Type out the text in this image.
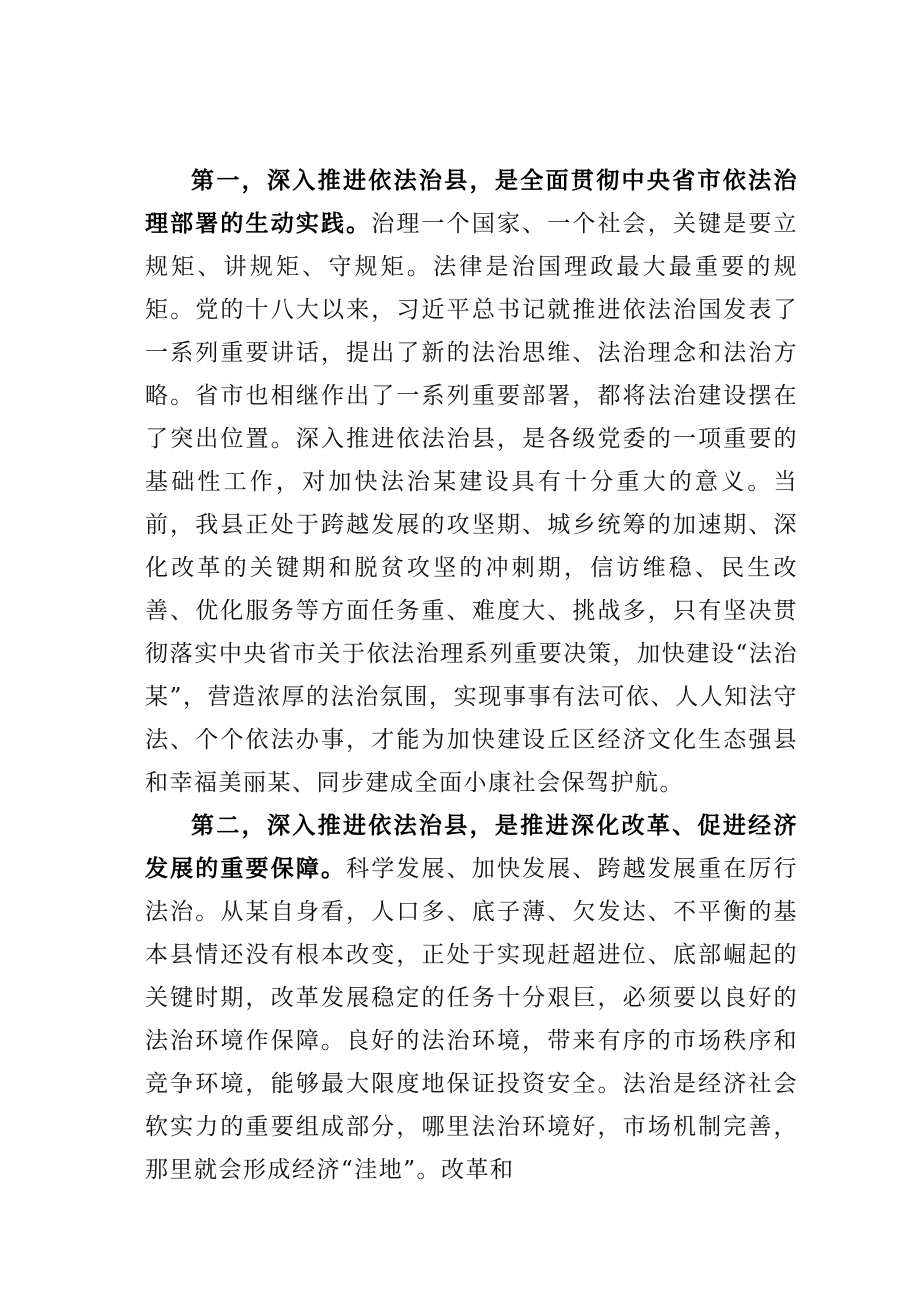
第一，深入推进依法治县，是全面贯彻中央省市依法治理部署的生动实践。治理一个国家、一个社会，关键是要立规矩、讲规矩、守规矩。法律是治国理政最大最重要的规矩。党的十八大以来，习近平总书记就推进依法治国发表了一系列重要讲话，提出了新的法治思维、法治理念和法治方略。省市也相继作出了一系列重要部署，都将法治建设摆在了突出位置。深入推进依法治县，是各级党委的一项重要的基础性工作，对加快法治某建设具有十分重大的意义。当前，我县正处于跨越发展的攻坚期、城乡统筹的加速期、深化改革的关键期和脱贫攻坚的冲刺期，信访维稳、民生改善、优化服务等方面任务重、难度大、挑战多，只有坚决贯彻落实中央省市关于依法治理系列重要决策，加快建设“法治某”，营造浓厚的法治氛围，实现事事有法可依、人人知法守法、个个依法办事，才能为加快建设丘区经济文化生态强县和幸福美丽某、同步建成全面小康社会保驾护航。

第二，深入推进依法治县，是推进深化改革、促进经济发展的重要保障。科学发展、加快发展、跨越发展重在厉行法治。从某自身看，人口多、底子薄、欠发达、不平衡的基本县情还没有根本改变，正处于实现赶超进位、底部崛起的关键时期，改革发展稳定的任务十分艰巨，必须要以良好的法治环境作保障。良好的法治环境，带来有序的市场秩序和竞争环境，能够最大限度地保证投资安全。法治是经济社会软实力的重要组成部分，哪里法治环境好，市场机制完善，那里就会形成经济“洼地”。改革和
